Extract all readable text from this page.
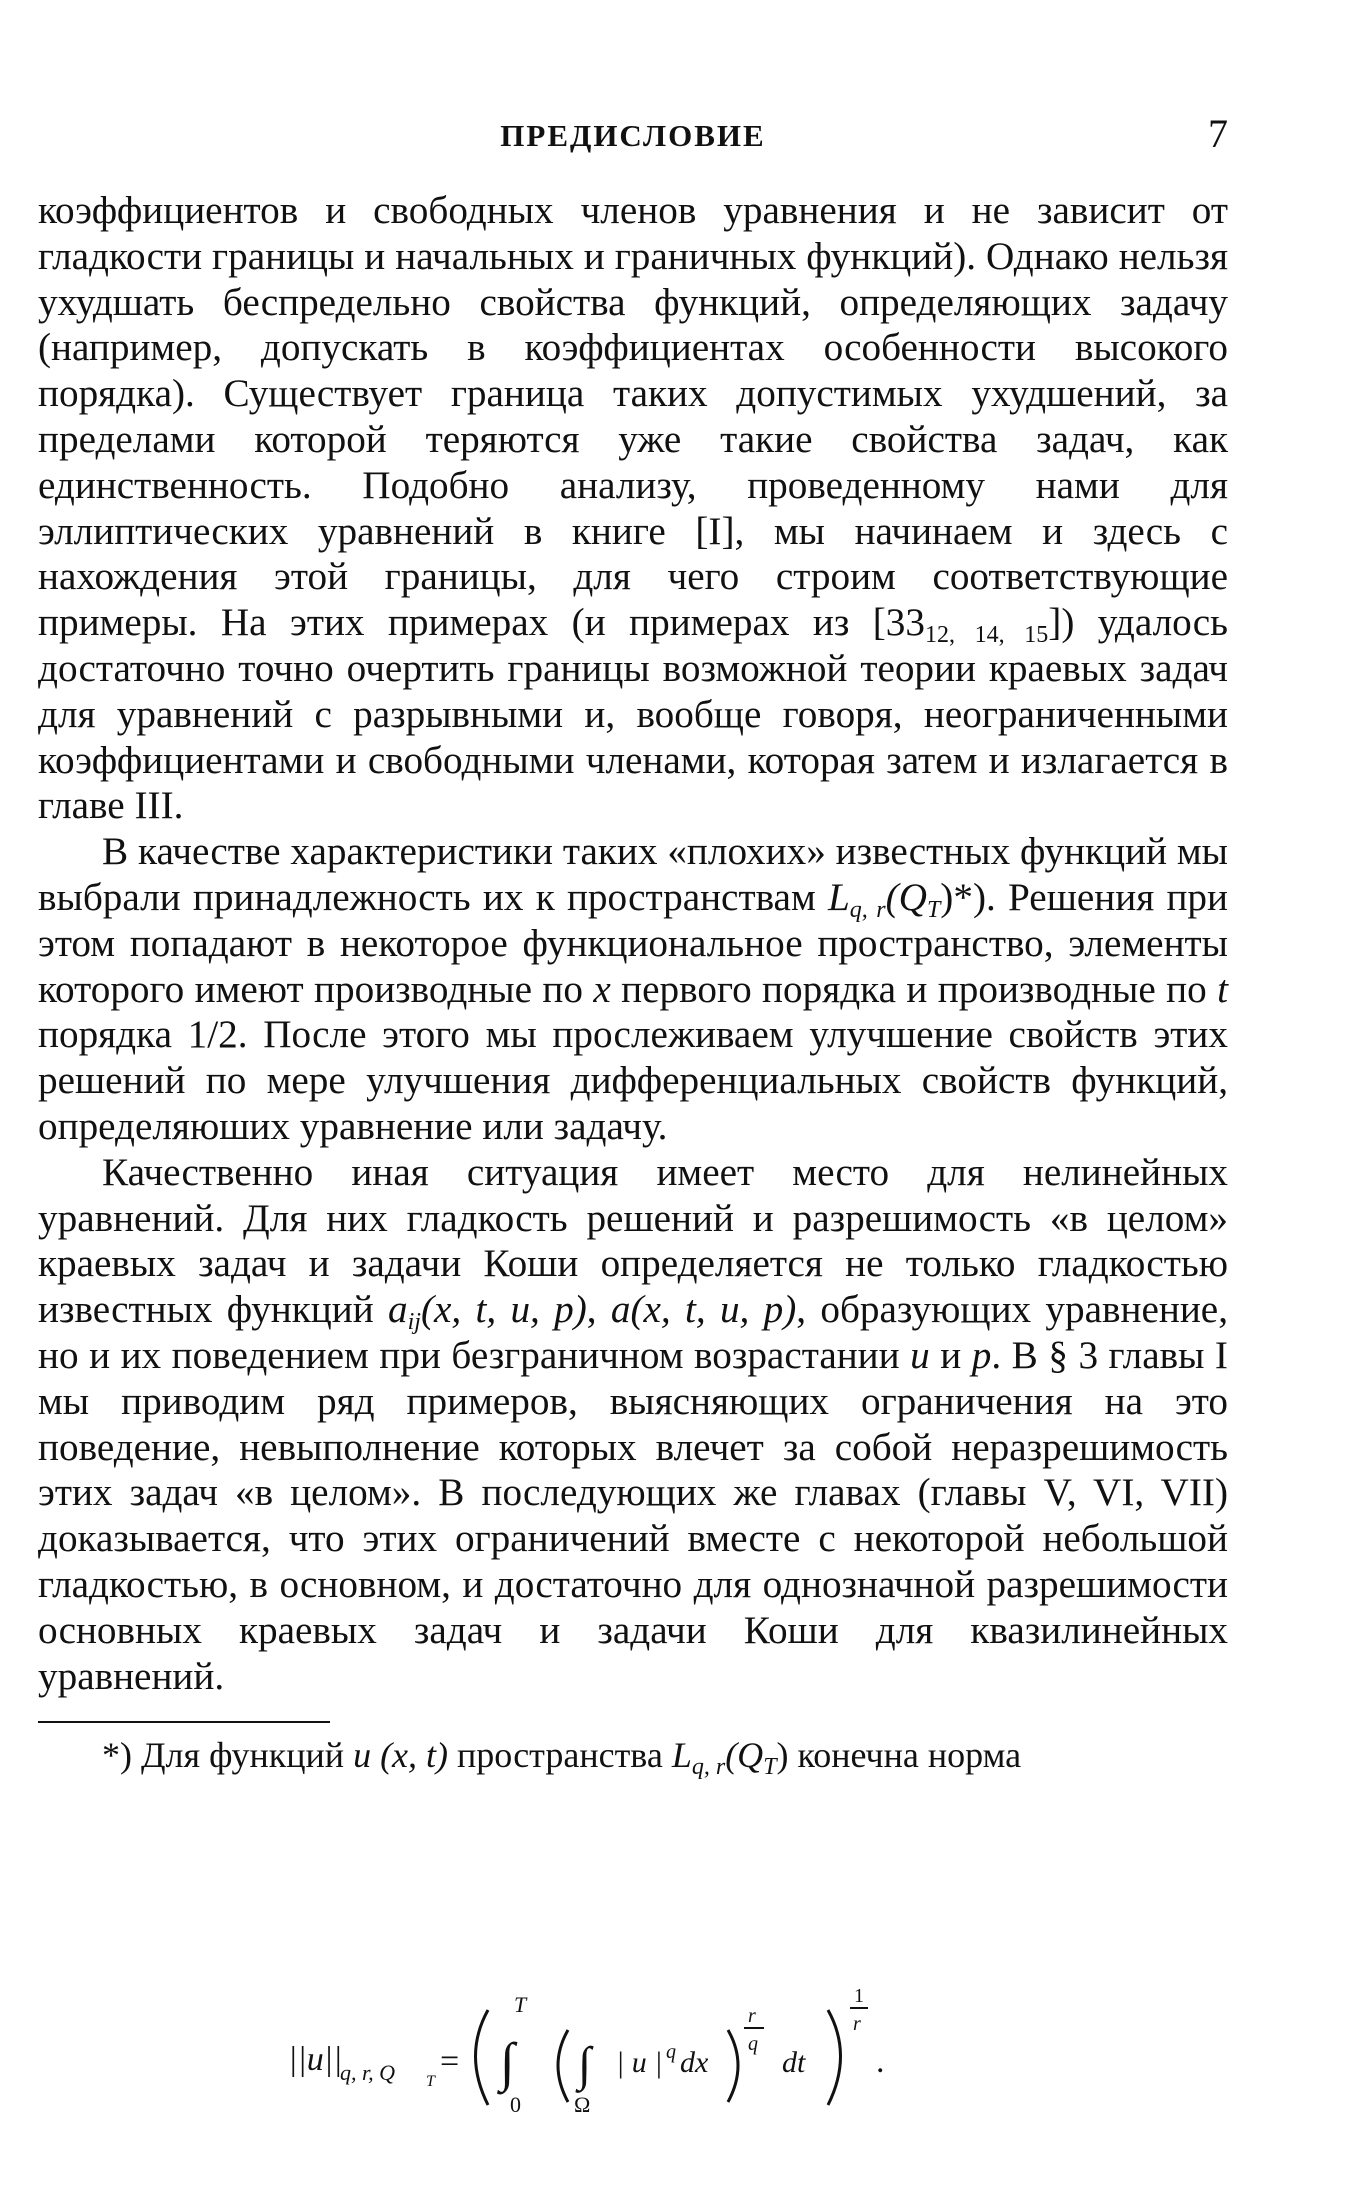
ПРЕДИСЛОВИЕ	7

коэффициентов и свободных членов уравнения и не зависит от гладкости границы и начальных и граничных функций). Однако нельзя ухудшать беспредельно свойства функций, определяющих задачу (например, допускать в коэффициентах особенности высокого порядка). Существует граница таких допустимых ухудшений, за пределами которой теряются уже такие свойства задач, как единственность. Подобно анализу, проведенному нами для эллиптических уравнений в книге [I], мы начинаем и здесь с нахождения этой границы, для чего строим соответствующие примеры. На этих примерах (и примерах из $[33_{12, 14, 15}]$) удалось достаточно точно очертить границы возможной теории краевых задач для уравнений с разрывными и, вообще говоря, неограниченными коэффициентами и свободными членами, которая затем и излагается в главе III.

В качестве характеристики таких «плохих» известных функций мы выбрали принадлежность их к пространствам $L_{q, r}(Q_T)*$). Решения при этом попадают в некоторое функциональное пространство, элементы которого имеют производные по x первого порядка и производные по t порядка 1/2. После этого мы прослеживаем улучшение свойств этих решений по мере улучшения дифференциальных свойств функций, определяюших уравнение или задачу.

Качественно иная ситуация имеет место для нелинейных уравнений. Для них гладкость решений и разрешимость «в целом» краевых задач и задачи Коши определяется не только гладкостью известных функций $a_{ij}(x$, t, u, p), a(x, t, u, p), образующих уравнение, но и их поведением при безграничном возрастании u и p. В § 3 главы I мы приводим ряд примеров, выясняющих ограничения на это поведение, невыполнение которых влечет за собой неразрешимость этих задач «в целом». В последующих же главах (главы V, VI, VII) доказывается, что этих ограничений вместе с некоторой небольшой гладкостью, в основном, и достаточно для однозначной разрешимости основных краевых задач и задачи Коши для квазилинейных уравнений.

*) Для функций u (x, t) пространства $L_{q, r}(Q_T)$ конечна норма

||u||
q, r, Q T
=
T
∫
0
∫
Ω
| u | q dx
r
q
dt
1
r
.
